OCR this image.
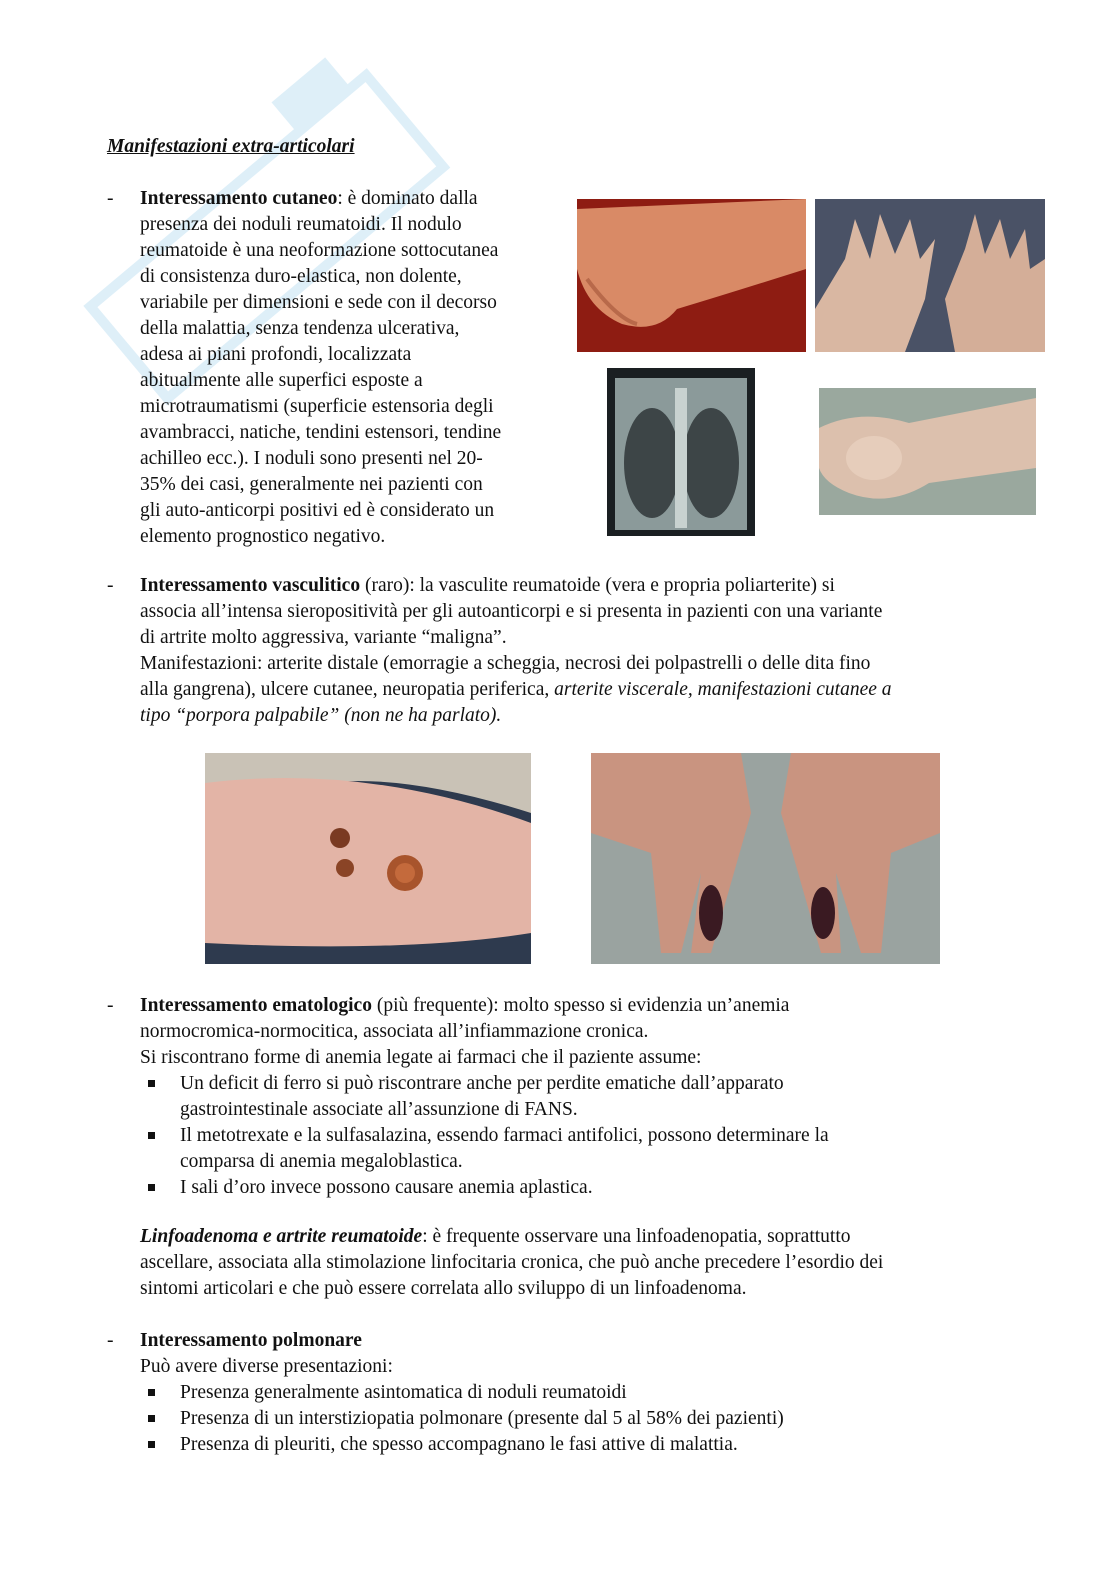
Manifestazioni extra-articolari
- Interessamento cutaneo: è dominato dalla
presenza dei noduli reumatoidi. Il nodulo
reumatoide è una neoformazione sottocutanea
di consistenza duro-elastica, non dolente,
variabile per dimensioni e sede con il decorso
della malattia, senza tendenza ulcerativa,
adesa ai piani profondi, localizzata
abitualmente alle superfici esposte a
microtraumatismi (superficie estensoria degli
avambracci, natiche, tendini estensori, tendine
achilleo ecc.). I noduli sono presenti nel 20-
35% dei casi, generalmente nei pazienti con
gli auto-anticorpi positivi ed è considerato un
elemento prognostico negativo.
- Interessamento vasculitico (raro): la vasculite reumatoide (vera e propria poliarterite) si
associa all’intensa sieropositività per gli autoanticorpi e si presenta in pazienti con una variante
di artrite molto aggressiva, variante “maligna”.
Manifestazioni: arterite distale (emorragie a scheggia, necrosi dei polpastrelli o delle dita fino
alla gangrena), ulcere cutanee, neuropatia periferica, arterite viscerale, manifestazioni cutanee a
tipo “porpora palpabile” (non ne ha parlato).
- Interessamento ematologico (più frequente): molto spesso si evidenzia un’anemia
normocromica-normocitica, associata all’infiammazione cronica.
Si riscontrano forme di anemia legate ai farmaci che il paziente assume:
Un deficit di ferro si può riscontrare anche per perdite ematiche dall’apparato
gastrointestinale associate all’assunzione di FANS.
Il metotrexate e la sulfasalazina, essendo farmaci antifolici, possono determinare la
comparsa di anemia megaloblastica.
I sali d’oro invece possono causare anemia aplastica.
Linfoadenoma e artrite reumatoide: è frequente osservare una linfoadenopatia, soprattutto
ascellare, associata alla stimolazione linfocitaria cronica, che può anche precedere l’esordio dei
sintomi articolari e che può essere correlata allo sviluppo di un linfoadenoma.
- Interessamento polmonare
Può avere diverse presentazioni:
Presenza generalmente asintomatica di noduli reumatoidi
Presenza di un interstiziopatia polmonare (presente dal 5 al 58% dei pazienti)
Presenza di pleuriti, che spesso accompagnano le fasi attive di malattia.
